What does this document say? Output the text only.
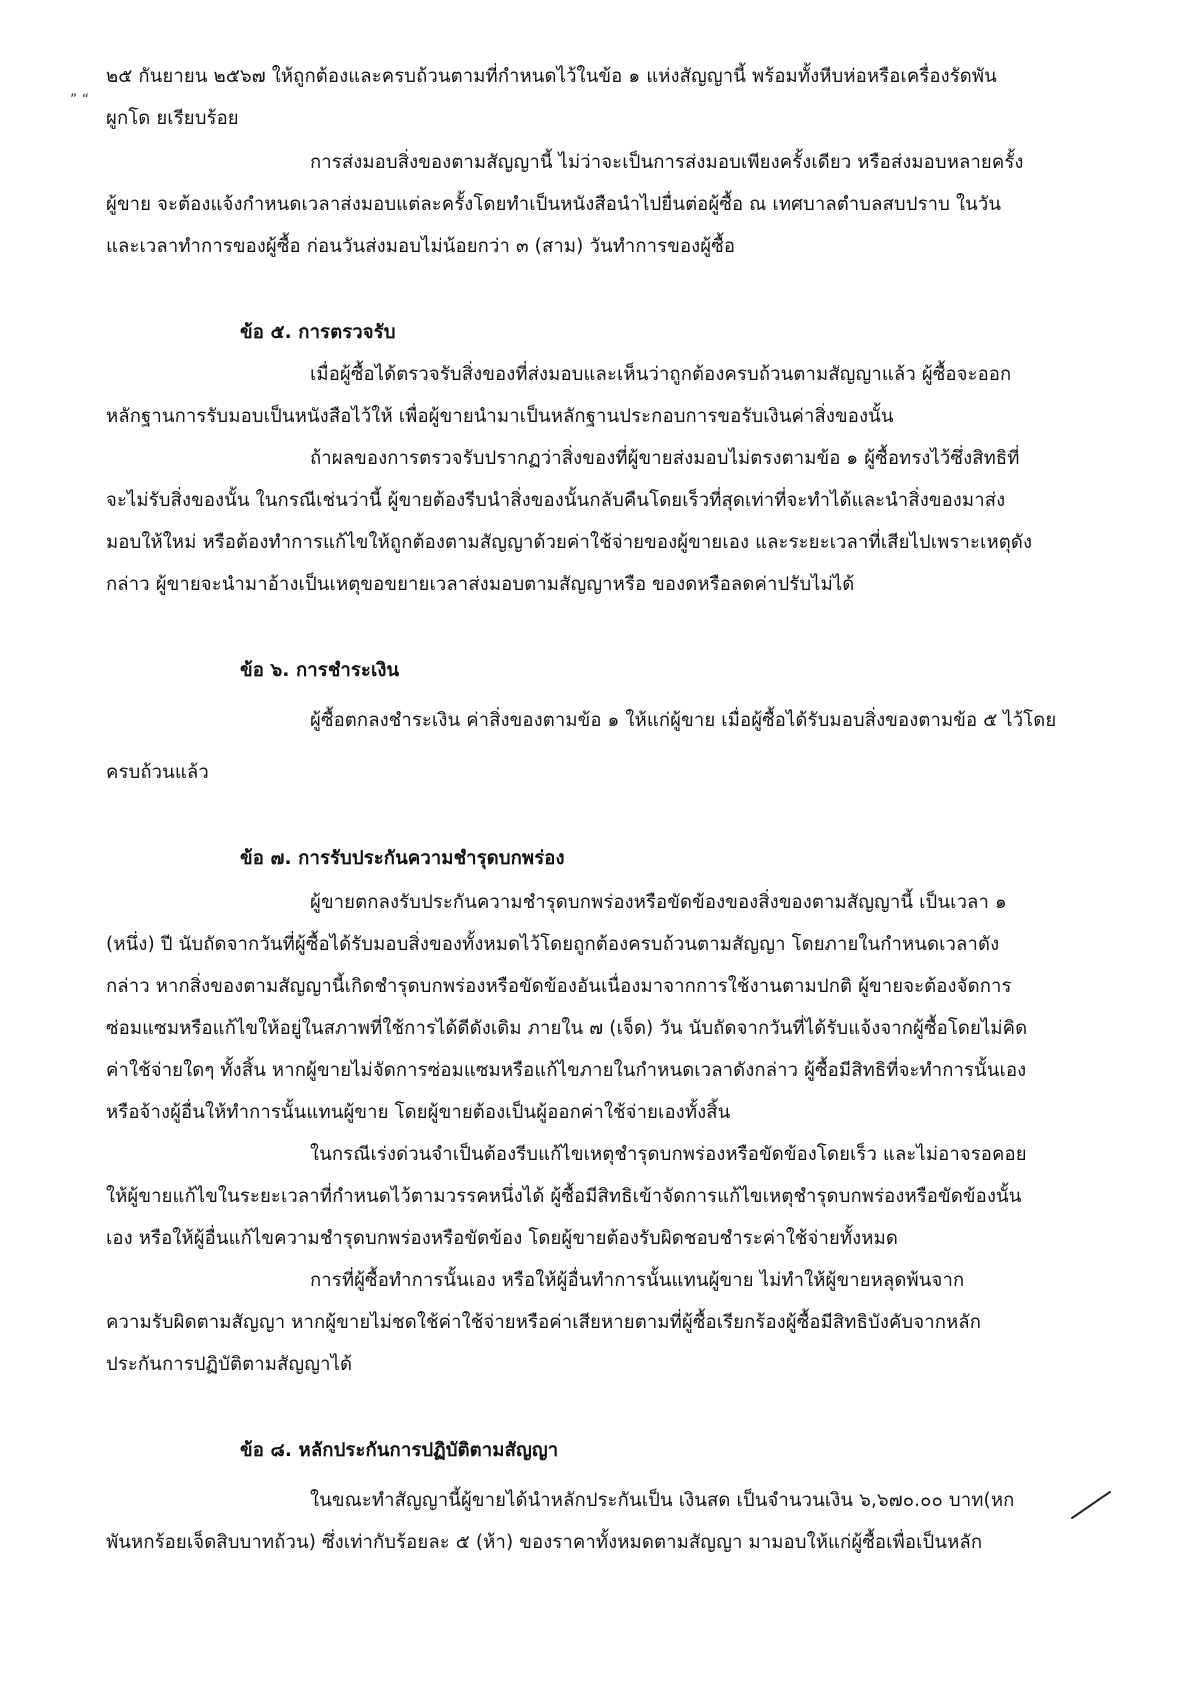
” “
๒๕ กันยายน ๒๕๖๗ ให้ถูกต้องและครบถ้วนตามที่กำหนดไว้ในข้อ ๑ แห่งสัญญานี้ พร้อมทั้งหีบห่อหรือเครื่องรัดพัน
ผูกโด ยเรียบร้อย
การส่งมอบสิ่งของตามสัญญานี้ ไม่ว่าจะเป็นการส่งมอบเพียงครั้งเดียว หรือส่งมอบหลายครั้ง
ผู้ขาย จะต้องแจ้งกำหนดเวลาส่งมอบแต่ละครั้งโดยทำเป็นหนังสือนำไปยื่นต่อผู้ซื้อ ณ เทศบาลตำบลสบปราบ ในวัน
และเวลาทำการของผู้ซื้อ ก่อนวันส่งมอบไม่น้อยกว่า ๓ (สาม) วันทำการของผู้ซื้อ
ข้อ ๕. การตรวจรับ
เมื่อผู้ซื้อได้ตรวจรับสิ่งของที่ส่งมอบและเห็นว่าถูกต้องครบถ้วนตามสัญญาแล้ว ผู้ซื้อจะออก
หลักฐานการรับมอบเป็นหนังสือไว้ให้ เพื่อผู้ขายนำมาเป็นหลักฐานประกอบการขอรับเงินค่าสิ่งของนั้น
ถ้าผลของการตรวจรับปรากฏว่าสิ่งของที่ผู้ขายส่งมอบไม่ตรงตามข้อ ๑ ผู้ซื้อทรงไว้ซึ่งสิทธิที่
จะไม่รับสิ่งของนั้น ในกรณีเช่นว่านี้ ผู้ขายต้องรีบนำสิ่งของนั้นกลับคืนโดยเร็วที่สุดเท่าที่จะทำได้และนำสิ่งของมาส่ง
มอบให้ใหม่ หรือต้องทำการแก้ไขให้ถูกต้องตามสัญญาด้วยค่าใช้จ่ายของผู้ขายเอง และระยะเวลาที่เสียไปเพราะเหตุดัง
กล่าว ผู้ขายจะนำมาอ้างเป็นเหตุขอขยายเวลาส่งมอบตามสัญญาหรือ ของดหรือลดค่าปรับไม่ได้
ข้อ ๖. การชำระเงิน
ผู้ซื้อตกลงชำระเงิน ค่าสิ่งของตามข้อ ๑ ให้แก่ผู้ขาย เมื่อผู้ซื้อได้รับมอบสิ่งของตามข้อ ๕ ไว้โดย
ครบถ้วนแล้ว
ข้อ ๗. การรับประกันความชำรุดบกพร่อง
ผู้ขายตกลงรับประกันความชำรุดบกพร่องหรือขัดข้องของสิ่งของตามสัญญานี้ เป็นเวลา ๑
(หนึ่ง) ปี นับถัดจากวันที่ผู้ซื้อได้รับมอบสิ่งของทั้งหมดไว้โดยถูกต้องครบถ้วนตามสัญญา โดยภายในกำหนดเวลาดัง
กล่าว หากสิ่งของตามสัญญานี้เกิดชำรุดบกพร่องหรือขัดข้องอันเนื่องมาจากการใช้งานตามปกติ ผู้ขายจะต้องจัดการ
ซ่อมแซมหรือแก้ไขให้อยู่ในสภาพที่ใช้การได้ดีดังเดิม ภายใน ๗ (เจ็ด) วัน นับถัดจากวันที่ได้รับแจ้งจากผู้ซื้อโดยไม่คิด
ค่าใช้จ่ายใดๆ ทั้งสิ้น หากผู้ขายไม่จัดการซ่อมแซมหรือแก้ไขภายในกำหนดเวลาดังกล่าว ผู้ซื้อมีสิทธิที่จะทำการนั้นเอง
หรือจ้างผู้อื่นให้ทำการนั้นแทนผู้ขาย โดยผู้ขายต้องเป็นผู้ออกค่าใช้จ่ายเองทั้งสิ้น
ในกรณีเร่งด่วนจำเป็นต้องรีบแก้ไขเหตุชำรุดบกพร่องหรือขัดข้องโดยเร็ว และไม่อาจรอคอย
ให้ผู้ขายแก้ไขในระยะเวลาที่กำหนดไว้ตามวรรคหนึ่งได้ ผู้ซื้อมีสิทธิเข้าจัดการแก้ไขเหตุชำรุดบกพร่องหรือขัดข้องนั้น
เอง หรือให้ผู้อื่นแก้ไขความชำรุดบกพร่องหรือขัดข้อง โดยผู้ขายต้องรับผิดชอบชำระค่าใช้จ่ายทั้งหมด
การที่ผู้ซื้อทำการนั้นเอง หรือให้ผู้อื่นทำการนั้นแทนผู้ขาย ไม่ทำให้ผู้ขายหลุดพ้นจาก
ความรับผิดตามสัญญา หากผู้ขายไม่ชดใช้ค่าใช้จ่ายหรือค่าเสียหายตามที่ผู้ซื้อเรียกร้องผู้ซื้อมีสิทธิบังคับจากหลัก
ประกันการปฏิบัติตามสัญญาได้
ข้อ ๘. หลักประกันการปฏิบัติตามสัญญา
ในขณะทำสัญญานี้ผู้ขายได้นำหลักประกันเป็น เงินสด เป็นจำนวนเงิน ๖,๖๗๐.๐๐ บาท(หก
พันหกร้อยเจ็ดสิบบาทถ้วน) ซึ่งเท่ากับร้อยละ ๕ (ห้า) ของราคาทั้งหมดตามสัญญา มามอบให้แก่ผู้ซื้อเพื่อเป็นหลัก
